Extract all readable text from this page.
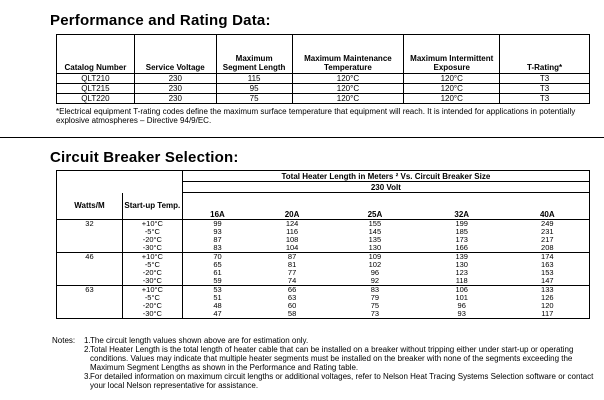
Performance and Rating Data:
Catalog Number	Service Voltage	Maximum Segment Length	Maximum Maintenance Temperature	Maximum Intermittent Exposure	T-Rating*
QLT210	230	115	120°C	120°C	T3
QLT215	230	95	120°C	120°C	T3
QLT220	230	75	120°C	120°C	T3
*Electrical equipment T-rating codes define the maximum surface temperature that equipment will reach. It is intended for applications in potentially explosive atmospheres – Directive 94/9/EC.
Circuit Breaker Selection:
		Total Heater Length in Meters ² Vs. Circuit Breaker Size				
		230 Volt				
Watts/M	Start-up Temp.					
		16A	20A	25A	32A	40A
32	+10°C	99	124	155	199	249
	-5°C	93	116	145	185	231
	-20°C	87	108	135	173	217
	-30°C	83	104	130	166	208
46	+10°C	70	87	109	139	174
	-5°C	65	81	102	130	163
	-20°C	61	77	96	123	153
	-30°C	59	74	92	118	147
63	+10°C	53	66	83	106	133
	-5°C	51	63	79	101	126
	-20°C	48	60	75	96	120
	-30°C	47	58	73	93	117
Notes: 1. The circuit length values shown above are for estimation only.
2. Total Heater Length is the total length of heater cable that can be installed on a breaker without tripping either under start-up or operating conditions. Values may indicate that multiple heater segments must be installed on the breaker with none of the segments exceeding the Maximum Segment Lengths as shown in the Performance and Rating table.
3. For detailed information on maximum circuit lengths or additional voltages, refer to Nelson Heat Tracing Systems Selection software or contact your local Nelson representative for assistance.
